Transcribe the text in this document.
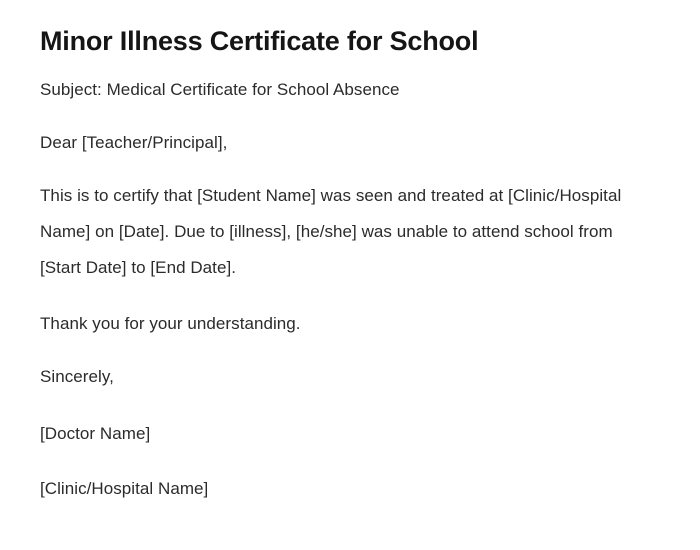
Minor Illness Certificate for School

Subject: Medical Certificate for School Absence

Dear [Teacher/Principal],

This is to certify that [Student Name] was seen and treated at [Clinic/Hospital Name] on [Date]. Due to [illness], [he/she] was unable to attend school from [Start Date] to [End Date].

Thank you for your understanding.

Sincerely,

[Doctor Name]

[Clinic/Hospital Name]
